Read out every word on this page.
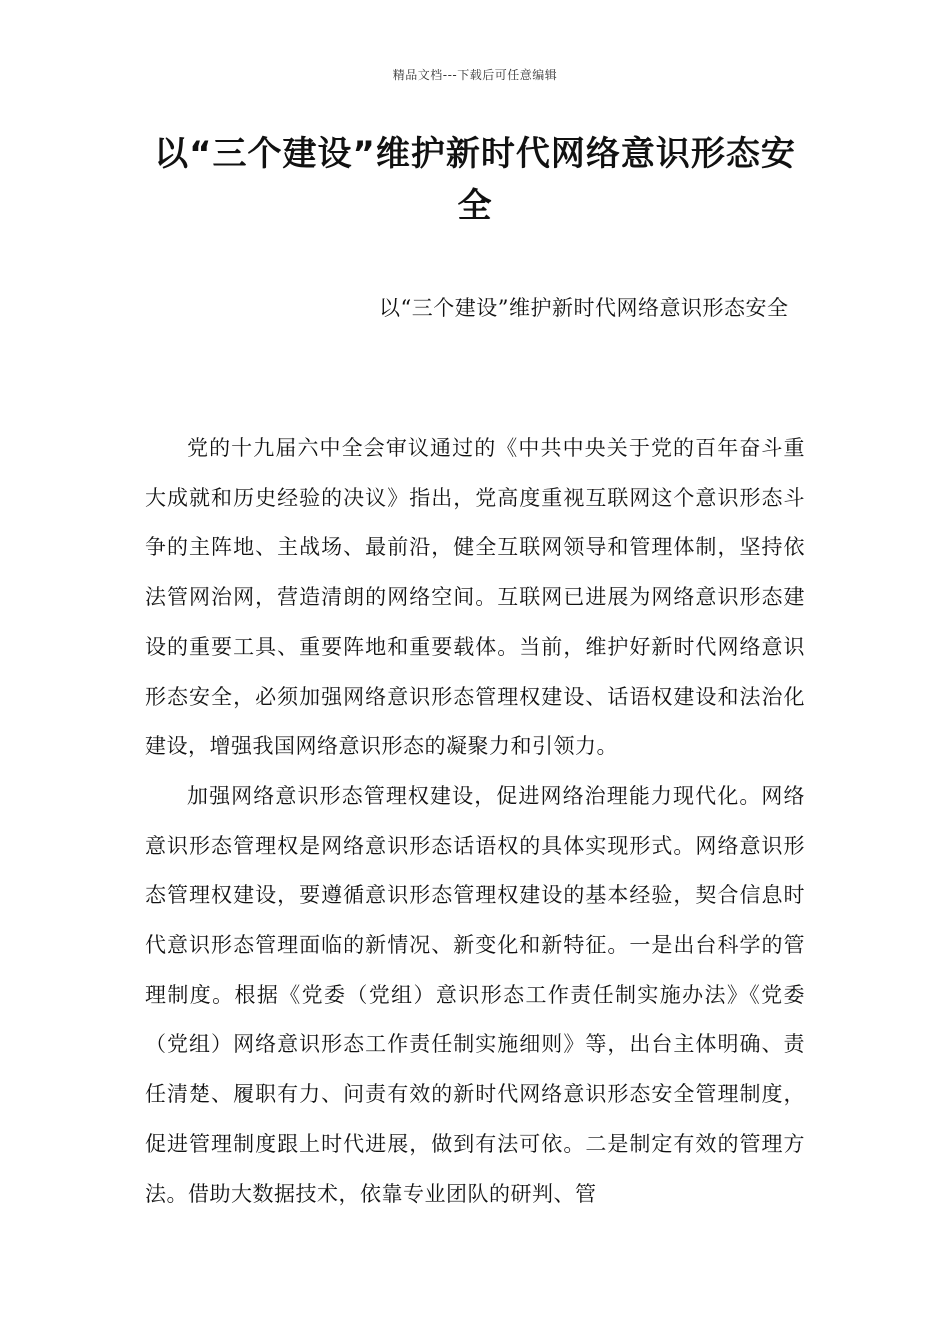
精品文档---下载后可任意编辑
以“三个建设”维护新时代网络意识形态安全

以“三个建设”维护新时代网络意识形态安全

党的十九届六中全会审议通过的《中共中央关于党的百年奋斗重大成就和历史经验的决议》指出，党高度重视互联网这个意识形态斗争的主阵地、主战场、最前沿，健全互联网领导和管理体制，坚持依法管网治网，营造清朗的网络空间。互联网已进展为网络意识形态建设的重要工具、重要阵地和重要载体。当前，维护好新时代网络意识形态安全，必须加强网络意识形态管理权建设、话语权建设和法治化建设，增强我国网络意识形态的凝聚力和引领力。

加强网络意识形态管理权建设，促进网络治理能力现代化。网络意识形态管理权是网络意识形态话语权的具体实现形式。网络意识形态管理权建设，要遵循意识形态管理权建设的基本经验，契合信息时代意识形态管理面临的新情况、新变化和新特征。一是出台科学的管理制度。根据《党委（党组）意识形态工作责任制实施办法》《党委（党组）网络意识形态工作责任制实施细则》等，出台主体明确、责任清楚、履职有力、问责有效的新时代网络意识形态安全管理制度，促进管理制度跟上时代进展，做到有法可依。二是制定有效的管理方法。借助大数据技术，依靠专业团队的研判、管
